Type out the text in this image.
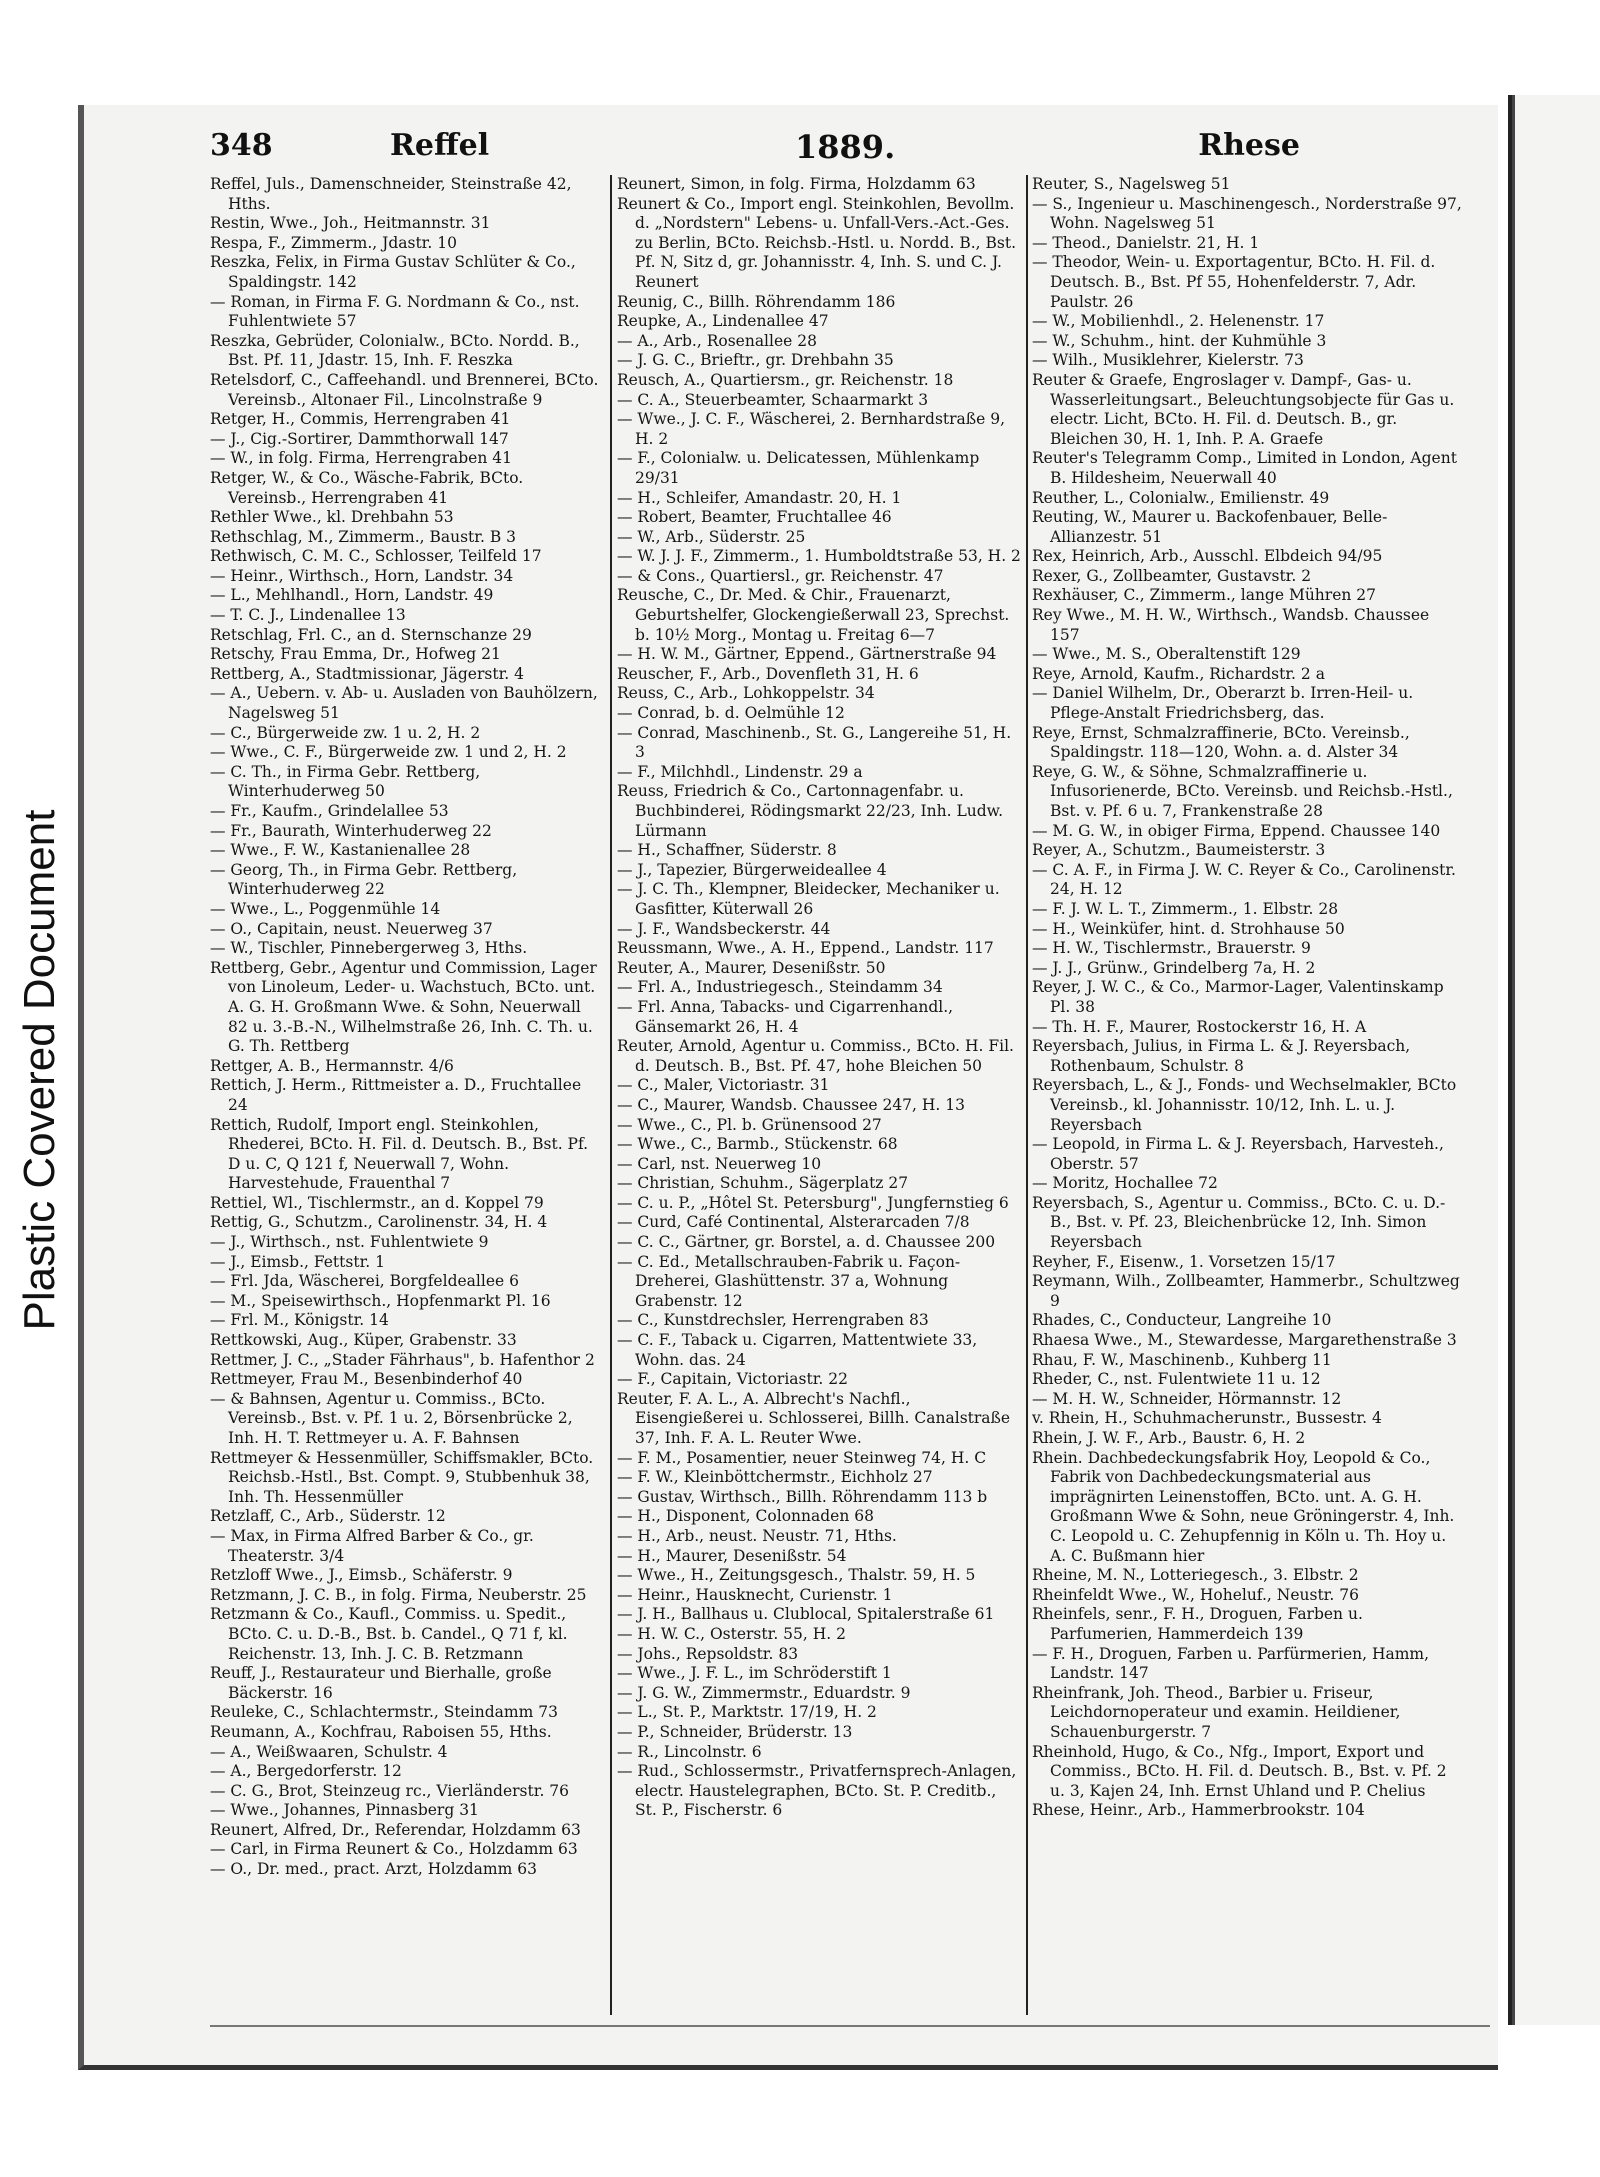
Plastic Covered Document
348	Reffel	1889.	Rhese

Reffel, Juls., Damenschneider, Steinstraße 42, Hths.

Restin, Wwe., Joh., Heitmannstr. 31

Respa, F., Zimmerm., Jdastr. 10

Reszka, Felix, in Firma Gustav Schlüter & Co., Spaldingstr. 142

— Roman, in Firma F. G. Nordmann & Co., nst. Fuhlentwiete 57

Reszka, Gebrüder, Colonialw., BCto. Nordd. B., Bst. Pf. 11, Jdastr. 15, Inh. F. Reszka

Retelsdorf, C., Caffeehandl. und Brennerei, BCto. Vereinsb., Altonaer Fil., Lincolnstraße 9

Retger, H., Commis, Herrengraben 41

— J., Cig.-Sortirer, Dammthorwall 147

— W., in folg. Firma, Herrengraben 41

Retger, W., & Co., Wäsche-Fabrik, BCto. Vereinsb., Herrengraben 41

Rethler Wwe., kl. Drehbahn 53

Rethschlag, M., Zimmerm., Baustr. B 3

Rethwisch, C. M. C., Schlosser, Teilfeld 17

— Heinr., Wirthsch., Horn, Landstr. 34

— L., Mehlhandl., Horn, Landstr. 49

— T. C. J., Lindenallee 13

Retschlag, Frl. C., an d. Sternschanze 29

Retschy, Frau Emma, Dr., Hofweg 21

Rettberg, A., Stadtmissionar, Jägerstr. 4

— A., Uebern. v. Ab- u. Ausladen von Bauhölzern, Nagelsweg 51

— C., Bürgerweide zw. 1 u. 2, H. 2

— Wwe., C. F., Bürgerweide zw. 1 und 2, H. 2

— C. Th., in Firma Gebr. Rettberg, Winterhuderweg 50

— Fr., Kaufm., Grindelallee 53

— Fr., Baurath, Winterhuderweg 22

— Wwe., F. W., Kastanienallee 28

— Georg, Th., in Firma Gebr. Rettberg, Winterhuderweg 22

— Wwe., L., Poggenmühle 14

— O., Capitain, neust. Neuerweg 37

— W., Tischler, Pinnebergerweg 3, Hths.

Rettberg, Gebr., Agentur und Commission, Lager von Linoleum, Leder- u. Wachstuch, BCto. unt. A. G. H. Großmann Wwe. & Sohn, Neuerwall 82 u. 3.-B.-N., Wilhelmstraße 26, Inh. C. Th. u. G. Th. Rettberg

Rettger, A. B., Hermannstr. 4/6

Rettich, J. Herm., Rittmeister a. D., Fruchtallee 24

Rettich, Rudolf, Import engl. Steinkohlen, Rhederei, BCto. H. Fil. d. Deutsch. B., Bst. Pf. D u. C, Q 121 f, Neuerwall 7, Wohn. Harvestehude, Frauenthal 7

Rettiel, Wl., Tischlermstr., an d. Koppel 79

Rettig, G., Schutzm., Carolinenstr. 34, H. 4

— J., Wirthsch., nst. Fuhlentwiete 9

— J., Eimsb., Fettstr. 1

— Frl. Jda, Wäscherei, Borgfeldeallee 6

— M., Speisewirthsch., Hopfenmarkt Pl. 16

— Frl. M., Königstr. 14

Rettkowski, Aug., Küper, Grabenstr. 33

Rettmer, J. C., „Stader Fährhaus", b. Hafenthor 2

Rettmeyer, Frau M., Besenbinderhof 40

— & Bahnsen, Agentur u. Commiss., BCto. Vereinsb., Bst. v. Pf. 1 u. 2, Börsenbrücke 2, Inh. H. T. Rettmeyer u. A. F. Bahnsen

Rettmeyer & Hessenmüller, Schiffsmakler, BCto. Reichsb.-Hstl., Bst. Compt. 9, Stubbenhuk 38, Inh. Th. Hessenmüller

Retzlaff, C., Arb., Süderstr. 12

— Max, in Firma Alfred Barber & Co., gr. Theaterstr. 3/4

Retzloff Wwe., J., Eimsb., Schäferstr. 9

Retzmann, J. C. B., in folg. Firma, Neuberstr. 25

Retzmann & Co., Kaufl., Commiss. u. Spedit., BCto. C. u. D.-B., Bst. b. Candel., Q 71 f, kl. Reichenstr. 13, Inh. J. C. B. Retzmann

Reuff, J., Restaurateur und Bierhalle, große Bäckerstr. 16

Reuleke, C., Schlachtermstr., Steindamm 73

Reumann, A., Kochfrau, Raboisen 55, Hths.

— A., Weißwaaren, Schulstr. 4

— A., Bergedorferstr. 12

— C. G., Brot, Steinzeug rc., Vierländerstr. 76

— Wwe., Johannes, Pinnasberg 31

Reunert, Alfred, Dr., Referendar, Holzdamm 63

— Carl, in Firma Reunert & Co., Holzdamm 63

— O., Dr. med., pract. Arzt, Holzdamm 63

Reunert, Simon, in folg. Firma, Holzdamm 63

Reunert & Co., Import engl. Steinkohlen, Bevollm. d. „Nordstern" Lebens- u. Unfall-Vers.-Act.-Ges. zu Berlin, BCto. Reichsb.-Hstl. u. Nordd. B., Bst. Pf. N, Sitz d, gr. Johannisstr. 4, Inh. S. und C. J. Reunert

Reunig, C., Billh. Röhrendamm 186

Reupke, A., Lindenallee 47

— A., Arb., Rosenallee 28

— J. G. C., Brieftr., gr. Drehbahn 35

Reusch, A., Quartiersm., gr. Reichenstr. 18

— C. A., Steuerbeamter, Schaarmarkt 3

— Wwe., J. C. F., Wäscherei, 2. Bernhardstraße 9, H. 2

— F., Colonialw. u. Delicatessen, Mühlenkamp 29/31

— H., Schleifer, Amandastr. 20, H. 1

— Robert, Beamter, Fruchtallee 46

— W., Arb., Süderstr. 25

— W. J. J. F., Zimmerm., 1. Humboldtstraße 53, H. 2

— & Cons., Quartiersl., gr. Reichenstr. 47

Reusche, C., Dr. Med. & Chir., Frauenarzt, Geburtshelfer, Glockengießerwall 23, Sprechst. b. 10½ Morg., Montag u. Freitag 6—7

— H. W. M., Gärtner, Eppend., Gärtnerstraße 94

Reuscher, F., Arb., Dovenfleth 31, H. 6

Reuss, C., Arb., Lohkoppelstr. 34

— Conrad, b. d. Oelmühle 12

— Conrad, Maschinenb., St. G., Langereihe 51, H. 3

— F., Milchhdl., Lindenstr. 29 a

Reuss, Friedrich & Co., Cartonnagenfabr. u. Buchbinderei, Rödingsmarkt 22/23, Inh. Ludw. Lürmann

— H., Schaffner, Süderstr. 8

— J., Tapezier, Bürgerweideallee 4

— J. C. Th., Klempner, Bleidecker, Mechaniker u. Gasfitter, Küterwall 26

— J. F., Wandsbeckerstr. 44

Reussmann, Wwe., A. H., Eppend., Landstr. 117

Reuter, A., Maurer, Desenißstr. 50

— Frl. A., Industriegesch., Steindamm 34

— Frl. Anna, Tabacks- und Cigarrenhandl., Gänsemarkt 26, H. 4

Reuter, Arnold, Agentur u. Commiss., BCto. H. Fil. d. Deutsch. B., Bst. Pf. 47, hohe Bleichen 50

— C., Maler, Victoriastr. 31

— C., Maurer, Wandsb. Chaussee 247, H. 13

— Wwe., C., Pl. b. Grünensood 27

— Wwe., C., Barmb., Stückenstr. 68

— Carl, nst. Neuerweg 10

— Christian, Schuhm., Sägerplatz 27

— C. u. P., „Hôtel St. Petersburg", Jungfernstieg 6

— Curd, Café Continental, Alsterarcaden 7/8

— C. C., Gärtner, gr. Borstel, a. d. Chaussee 200

— C. Ed., Metallschrauben-Fabrik u. Façon-Dreherei, Glashüttenstr. 37 a, Wohnung Grabenstr. 12

— C., Kunstdrechsler, Herrengraben 83

— C. F., Taback u. Cigarren, Mattentwiete 33, Wohn. das. 24

— F., Capitain, Victoriastr. 22

Reuter, F. A. L., A. Albrecht's Nachfl., Eisengießerei u. Schlosserei, Billh. Canalstraße 37, Inh. F. A. L. Reuter Wwe.

— F. M., Posamentier, neuer Steinweg 74, H. C

— F. W., Kleinböttchermstr., Eichholz 27

— Gustav, Wirthsch., Billh. Röhrendamm 113 b

— H., Disponent, Colonnaden 68

— H., Arb., neust. Neustr. 71, Hths.

— H., Maurer, Desenißstr. 54

— Wwe., H., Zeitungsgesch., Thalstr. 59, H. 5

— Heinr., Hausknecht, Curienstr. 1

— J. H., Ballhaus u. Clublocal, Spitalerstraße 61

— H. W. C., Osterstr. 55, H. 2

— Johs., Repsoldstr. 83

— Wwe., J. F. L., im Schröderstift 1

— J. G. W., Zimmermstr., Eduardstr. 9

— L., St. P., Marktstr. 17/19, H. 2

— P., Schneider, Brüderstr. 13

— R., Lincolnstr. 6

— Rud., Schlossermstr., Privatfernsprech-Anlagen, electr. Haustelegraphen, BCto. St. P. Creditb., St. P., Fischerstr. 6

Reuter, S., Nagelsweg 51

— S., Ingenieur u. Maschinengesch., Norderstraße 97, Wohn. Nagelsweg 51

— Theod., Danielstr. 21, H. 1

— Theodor, Wein- u. Exportagentur, BCto. H. Fil. d. Deutsch. B., Bst. Pf 55, Hohenfelderstr. 7, Adr. Paulstr. 26

— W., Mobilienhdl., 2. Helenenstr. 17

— W., Schuhm., hint. der Kuhmühle 3

— Wilh., Musiklehrer, Kielerstr. 73

Reuter & Graefe, Engroslager v. Dampf-, Gas- u. Wasserleitungsart., Beleuchtungsobjecte für Gas u. electr. Licht, BCto. H. Fil. d. Deutsch. B., gr. Bleichen 30, H. 1, Inh. P. A. Graefe

Reuter's Telegramm Comp., Limited in London, Agent B. Hildesheim, Neuerwall 40

Reuther, L., Colonialw., Emilienstr. 49

Reuting, W., Maurer u. Backofenbauer, Belle-Allianzestr. 51

Rex, Heinrich, Arb., Ausschl. Elbdeich 94/95

Rexer, G., Zollbeamter, Gustavstr. 2

Rexhäuser, C., Zimmerm., lange Mühren 27

Rey Wwe., M. H. W., Wirthsch., Wandsb. Chaussee 157

— Wwe., M. S., Oberaltenstift 129

Reye, Arnold, Kaufm., Richardstr. 2 a

— Daniel Wilhelm, Dr., Oberarzt b. Irren-Heil- u. Pflege-Anstalt Friedrichsberg, das.

Reye, Ernst, Schmalzraffinerie, BCto. Vereinsb., Spaldingstr. 118—120, Wohn. a. d. Alster 34

Reye, G. W., & Söhne, Schmalzraffinerie u. Infusorienerde, BCto. Vereinsb. und Reichsb.-Hstl., Bst. v. Pf. 6 u. 7, Frankenstraße 28

— M. G. W., in obiger Firma, Eppend. Chaussee 140

Reyer, A., Schutzm., Baumeisterstr. 3

— C. A. F., in Firma J. W. C. Reyer & Co., Carolinenstr. 24, H. 12

— F. J. W. L. T., Zimmerm., 1. Elbstr. 28

— H., Weinküfer, hint. d. Strohhause 50

— H. W., Tischlermstr., Brauerstr. 9

— J. J., Grünw., Grindelberg 7a, H. 2

Reyer, J. W. C., & Co., Marmor-Lager, Valentinskamp Pl. 38

— Th. H. F., Maurer, Rostockerstr 16, H. A

Reyersbach, Julius, in Firma L. & J. Reyersbach, Rothenbaum, Schulstr. 8

Reyersbach, L., & J., Fonds- und Wechselmakler, BCto Vereinsb., kl. Johannisstr. 10/12, Inh. L. u. J. Reyersbach

— Leopold, in Firma L. & J. Reyersbach, Harvesteh., Oberstr. 57

— Moritz, Hochallee 72

Reyersbach, S., Agentur u. Commiss., BCto. C. u. D.-B., Bst. v. Pf. 23, Bleichenbrücke 12, Inh. Simon Reyersbach

Reyher, F., Eisenw., 1. Vorsetzen 15/17

Reymann, Wilh., Zollbeamter, Hammerbr., Schultzweg 9

Rhades, C., Conducteur, Langreihe 10

Rhaesa Wwe., M., Stewardesse, Margarethenstraße 3

Rhau, F. W., Maschinenb., Kuhberg 11

Rheder, C., nst. Fulentwiete 11 u. 12

— M. H. W., Schneider, Hörmannstr. 12

v. Rhein, H., Schuhmacherunstr., Bussestr. 4

Rhein, J. W. F., Arb., Baustr. 6, H. 2

Rhein. Dachbedeckungsfabrik Hoy, Leopold & Co., Fabrik von Dachbedeckungsmaterial aus imprägnirten Leinenstoffen, BCto. unt. A. G. H. Großmann Wwe & Sohn, neue Gröningerstr. 4, Inh. C. Leopold u. C. Zehupfennig in Köln u. Th. Hoy u. A. C. Bußmann hier

Rheine, M. N., Lotteriegesch., 3. Elbstr. 2

Rheinfeldt Wwe., W., Hoheluf., Neustr. 76

Rheinfels, senr., F. H., Droguen, Farben u. Parfumerien, Hammerdeich 139

— F. H., Droguen, Farben u. Parfürmerien, Hamm, Landstr. 147

Rheinfrank, Joh. Theod., Barbier u. Friseur, Leichdornoperateur und examin. Heildiener, Schauenburgerstr. 7

Rheinhold, Hugo, & Co., Nfg., Import, Export und Commiss., BCto. H. Fil. d. Deutsch. B., Bst. v. Pf. 2 u. 3, Kajen 24, Inh. Ernst Uhland und P. Chelius

Rhese, Heinr., Arb., Hammerbrookstr. 104
